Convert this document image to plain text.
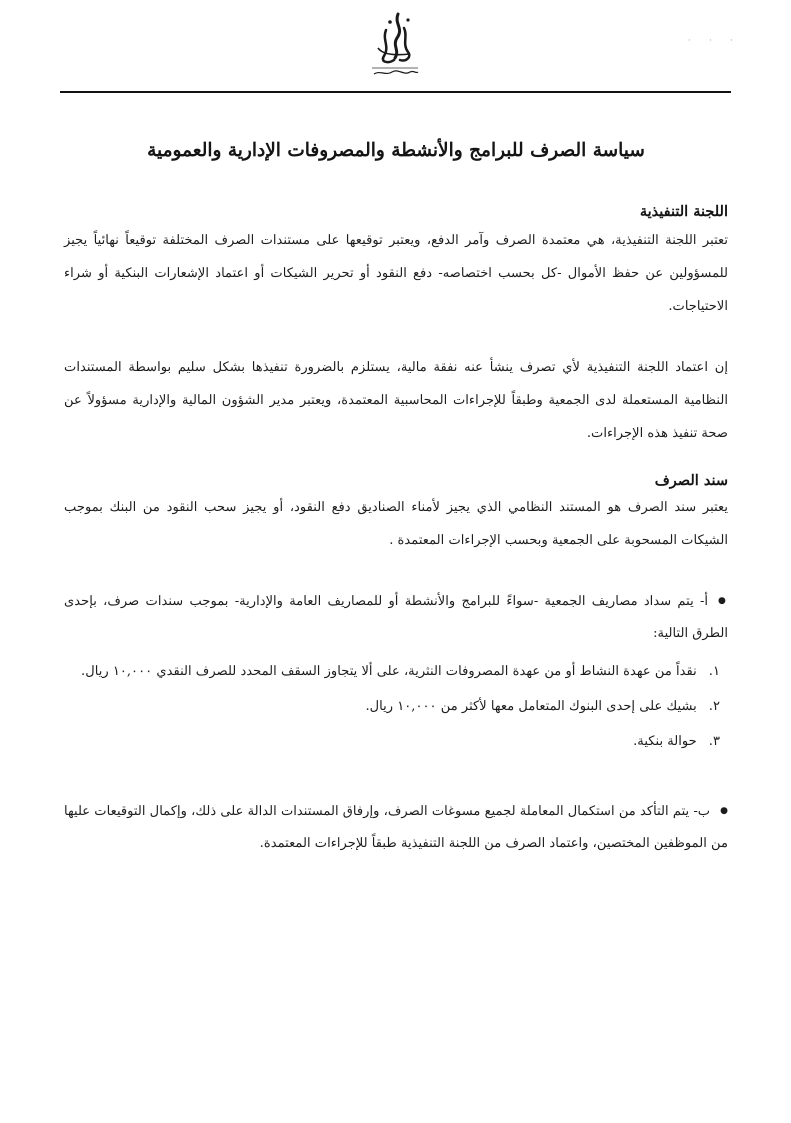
· · ·
سياسة الصرف للبرامج والأنشطة والمصروفات الإدارية والعمومية
اللجنة التنفيذية

تعتبر اللجنة التنفيذية، هي معتمدة الصرف وآمر الدفع، ويعتبر توقيعها على مستندات الصرف المختلفة توقيعاً نهائياً يجيز للمسؤولين عن حفظ الأموال -كل بحسب اختصاصه- دفع النقود أو تحرير الشيكات أو اعتماد الإشعارات البنكية أو شراء الاحتياجات.

إن اعتماد اللجنة التنفيذية لأي تصرف ينشأ عنه نفقة مالية، يستلزم بالضرورة تنفيذها بشكل سليم بواسطة المستندات النظامية المستعملة لدى الجمعية وطبقاً للإجراءات المحاسبية المعتمدة، ويعتبر مدير الشؤون المالية والإدارية مسؤولاً عن صحة تنفيذ هذه الإجراءات.

سند الصرف

يعتبر سند الصرف هو المستند النظامي الذي يجيز لأمناء الصناديق دفع النقود، أو يجيز سحب النقود من البنك بموجب الشيكات المسحوبة على الجمعية وبحسب الإجراءات المعتمدة .

●أ- يتم سداد مصاريف الجمعية -سواءً للبرامج والأنشطة أو للمصاريف العامة والإدارية- بموجب سندات صرف، بإحدى الطرق التالية:
١.نقداً من عهدة النشاط أو من عهدة المصروفات النثرية، على ألا يتجاوز السقف المحدد للصرف النقدي ١٠,٠٠٠ ريال.
٢.بشيك على إحدى البنوك المتعامل معها لأكثر من ١٠,٠٠٠ ريال.
٣.حوالة بنكية.
●ب- يتم التأكد من استكمال المعاملة لجميع مسوغات الصرف، وإرفاق المستندات الدالة على ذلك، وإكمال التوقيعات عليها من الموظفين المختصين، واعتماد الصرف من اللجنة التنفيذية طبقاً للإجراءات المعتمدة.
